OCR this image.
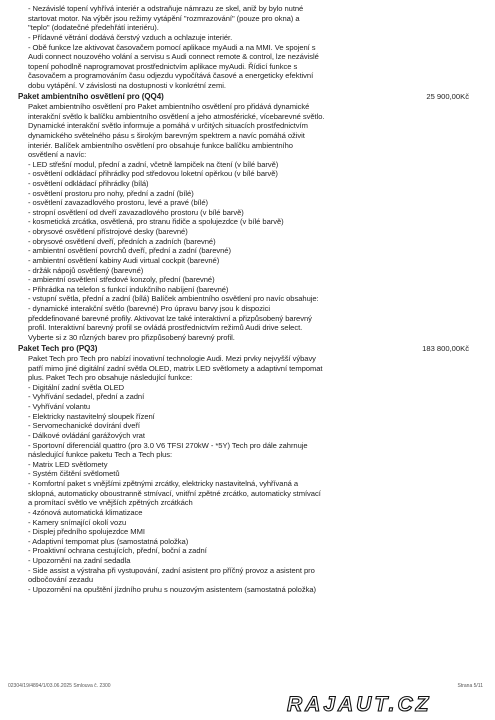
- Nezávislé topení vyhřívá interiér a odstraňuje námrazu ze skel, aniž by bylo nutné
startovat motor. Na výběr jsou režimy vytápění "rozmrazování" (pouze pro okna) a
"teplo" (dodatečné předehřátí interiéru).
- Přídavné větrání dodává čerstvý vzduch a ochlazuje interiér.
- Obě funkce lze aktivovat časovačem pomocí aplikace myAudi a na MMI. Ve spojení s
Audi connect nouzového volání a servisu s Audi connect remote & control, lze nezávislé
topení pohodlně naprogramovat prostřednictvím aplikace myAudi. Řídicí funkce s
časovačem a programováním času odjezdu vypočítává časové a energeticky efektivní
dobu vytápění. V závislosti na dostupnosti v konkrétní zemi.
Paket ambientního osvětlení pro (QQ4)	25 900,00Kč
Paket ambientního osvětlení pro Paket ambientního osvětlení pro přidává dynamické
interakční světlo k balíčku ambientního osvětlení a jeho atmosférické, vícebarevné světlo.
Dynamické interakční světlo informuje a pomáhá v určitých situacích prostřednictvím
dynamického světelného pásu s širokým barevným spektrem a navíc pomáhá oživit
interiér. Balíček ambientního osvětlení pro obsahuje funkce balíčku ambientního
osvětlení a navíc:
- LED střešní modul, přední a zadní, včetně lampiček na čtení (v bílé barvě)
- osvětlení odkládací přihrádky pod středovou loketní opěrkou (v bílé barvě)
- osvětlení odkládací přihrádky (bílá)
- osvětlení prostoru pro nohy, přední a zadní (bílé)
- osvětlení zavazadlového prostoru, levé a pravé (bílé)
- stropní osvětlení od dveří zavazadlového prostoru (v bílé barvě)
- kosmetická zrcátka, osvětlená, pro stranu řidiče a spolujezdce (v bílé barvě)
- obrysové osvětlení přístrojové desky (barevné)
- obrysové osvětlení dveří, předních a zadních (barevné)
- ambientní osvětlení povrchů dveří, přední a zadní (barevné)
- ambientní osvětlení kabiny Audi virtual cockpit (barevné)
- držák nápojů osvětlený (barevné)
- ambientní osvětlení středové konzoly, přední (barevné)
- Přihrádka na telefon s funkcí indukčního nabíjení (barevné)
- vstupní světla, přední a zadní (bílá) Balíček ambientního osvětlení pro navíc obsahuje:
- dynamické interakční světlo (barevné) Pro úpravu barvy jsou k dispozici
předdefinované barevné profily. Aktivovat lze také interaktivní a přizpůsobený barevný
profil. Interaktivní barevný profil se ovládá prostřednictvím režimů Audi drive select.
Vyberte si z 30 různých barev pro přizpůsobený barevný profil.
Paket Tech pro (PQ3)	183 800,00Kč
Paket Tech pro Tech pro nabízí inovativní technologie Audi. Mezi prvky nejvyšší výbavy
patří mimo jiné digitální zadní světla OLED, matrix LED světlomety a adaptivní tempomat
plus. Paket Tech pro obsahuje následující funkce:
- Digitální zadní světla OLED
- Vyhřívání sedadel, přední a zadní
- Vyhřívání volantu
- Elektricky nastavitelný sloupek řízení
- Servomechanické dovírání dveří
- Dálkové ovládání garážových vrat
- Sportovní diferenciál quattro (pro 3.0 V6 TFSI 270kW - *5Y) Tech pro dále zahrnuje
následující funkce paketu Tech a Tech plus:
- Matrix LED světlomety
- Systém čištění světlometů
- Komfortní paket s vnějšími zpětnými zrcátky, elektricky nastavitelná, vyhřívaná a
sklopná, automaticky oboustranně stmívací, vnitřní zpětné zrcátko, automaticky stmívací
a promítací světlo ve vnějších zpětných zrcátkách
- 4zónová automatická klimatizace
- Kamery snímající okolí vozu
- Displej předního spolujezdce MMI
- Adaptivní tempomat plus (samostatná položka)
- Proaktivní ochrana cestujících, přední, boční a zadní
- Upozornění na zadní sedadla
- Side assist a výstraha při vystupování, zadní asistent pro příčný provoz a asistent pro
odbočování zezadu
- Upozornění na opuštění jízdního pruhu s nouzovým asistentem (samostatná položka)
02304/19/4894/1/03.06.2025 Smlouva č. 2300	Strana 5/11
RAJAUT.CZ
